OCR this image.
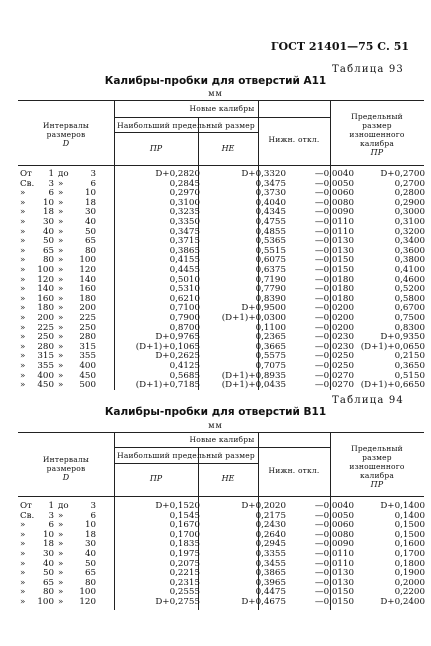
ГОСТ 21401—75 С. 51
Таблица 93
Калибры-пробки для отверстий A11
мм
Интервалы
размеров
D
Новые калибры
Наибольший предельный размер
ПР	НЕ
Нижн. откл.
Предельный
размер
изношенного
калибра
ПР
От	1 до	3	D+0,2820	D+0,3320	—0,0040	D+0,2700
Св.	3 »	6	0,2845	0,3475	—0,0050	0,2700
»	6 »	10	0,2970	0,3730	—0,0060	0,2800
»	10 »	18	0,3100	0,4040	—0,0080	0,2900
»	18 »	30	0,3235	0,4345	—0,0090	0,3000
»	30 »	40	0,3350	0,4755	—0,0110	0,3100
»	40 »	50	0,3475	0,4855	—0,0110	0,3200
»	50 »	65	0,3715	0,5365	—0,0130	0,3400
»	65 »	80	0,3865	0,5515	—0,0130	0,3600
»	80 »	100	0,4155	0,6075	—0,0150	0,3800
» 100 »	120	0,4455	0,6375	—0,0150	0,4100
» 120 »	140	0,5010	0,7190	—0,0180	0,4600
» 140 »	160	0,5310	0,7790	—0,0180	0,5200
» 160 »	180	0,6210	0,8390	—0,0180	0,5800
» 180 »	200	0,7100	D+0,9500	—0,0200	0,6700
» 200 »	225	0,7900	(D+1)+0,0300	—0,0200	0,7500
» 225 »	250	0,8700	0,1100	—0,0200	0,8300
» 250 »	280	D+0,9765	0,2365	—0,0230	D+0,9350
» 280 »	315	(D+1)+0,1065	0,3665	—0,0230 (D+1)+0,0650
» 315 »	355	D+0,2625	0,5575	—0,0250	0,2150
» 355 »	400	0,4125	0,7075	—0,0250	0,3650
» 400 »	450	0,5685	(D+1)+0,8935	—0,0270	0,5150
» 450 »	500	(D+1)+0,7185	(D+1)+0,0435	—0,0270 (D+1)+0,6650
Таблица 94
Калибры-пробки для отверстий B11
мм
Интервалы
размеров
D
Новые калибры
Наибольший предельный размер
ПР	НЕ
Нижн. откл.
Предельный
размер
изношенного
калибра
ПР
От	1 до	3	D+0,1520	D+0,2020	—0,0040	D+0,1400
Св.	3 »	6	0,1545	0,2175	—0,0050	0,1400
»	6 »	10	0,1670	0,2430	—0,0060	0,1500
»	10 »	18	0,1700	0,2640	—0,0080	0,1500
»	18 »	30	0,1835	0,2945	—0,0090	0,1600
»	30 »	40	0,1975	0,3355	—0,0110	0,1700
»	40 »	50	0,2075	0,3455	—0,0110	0,1800
»	50 »	65	0,2215	0,3865	—0,0130	0,1900
»	65 »	80	0,2315	0,3965	—0,0130	0,2000
»	80 »	100	0,2555	0,4475	—0,0150	0,2200
» 100 »	120	D+0,2755	D+0,4675	—0,0150	D+0,2400
